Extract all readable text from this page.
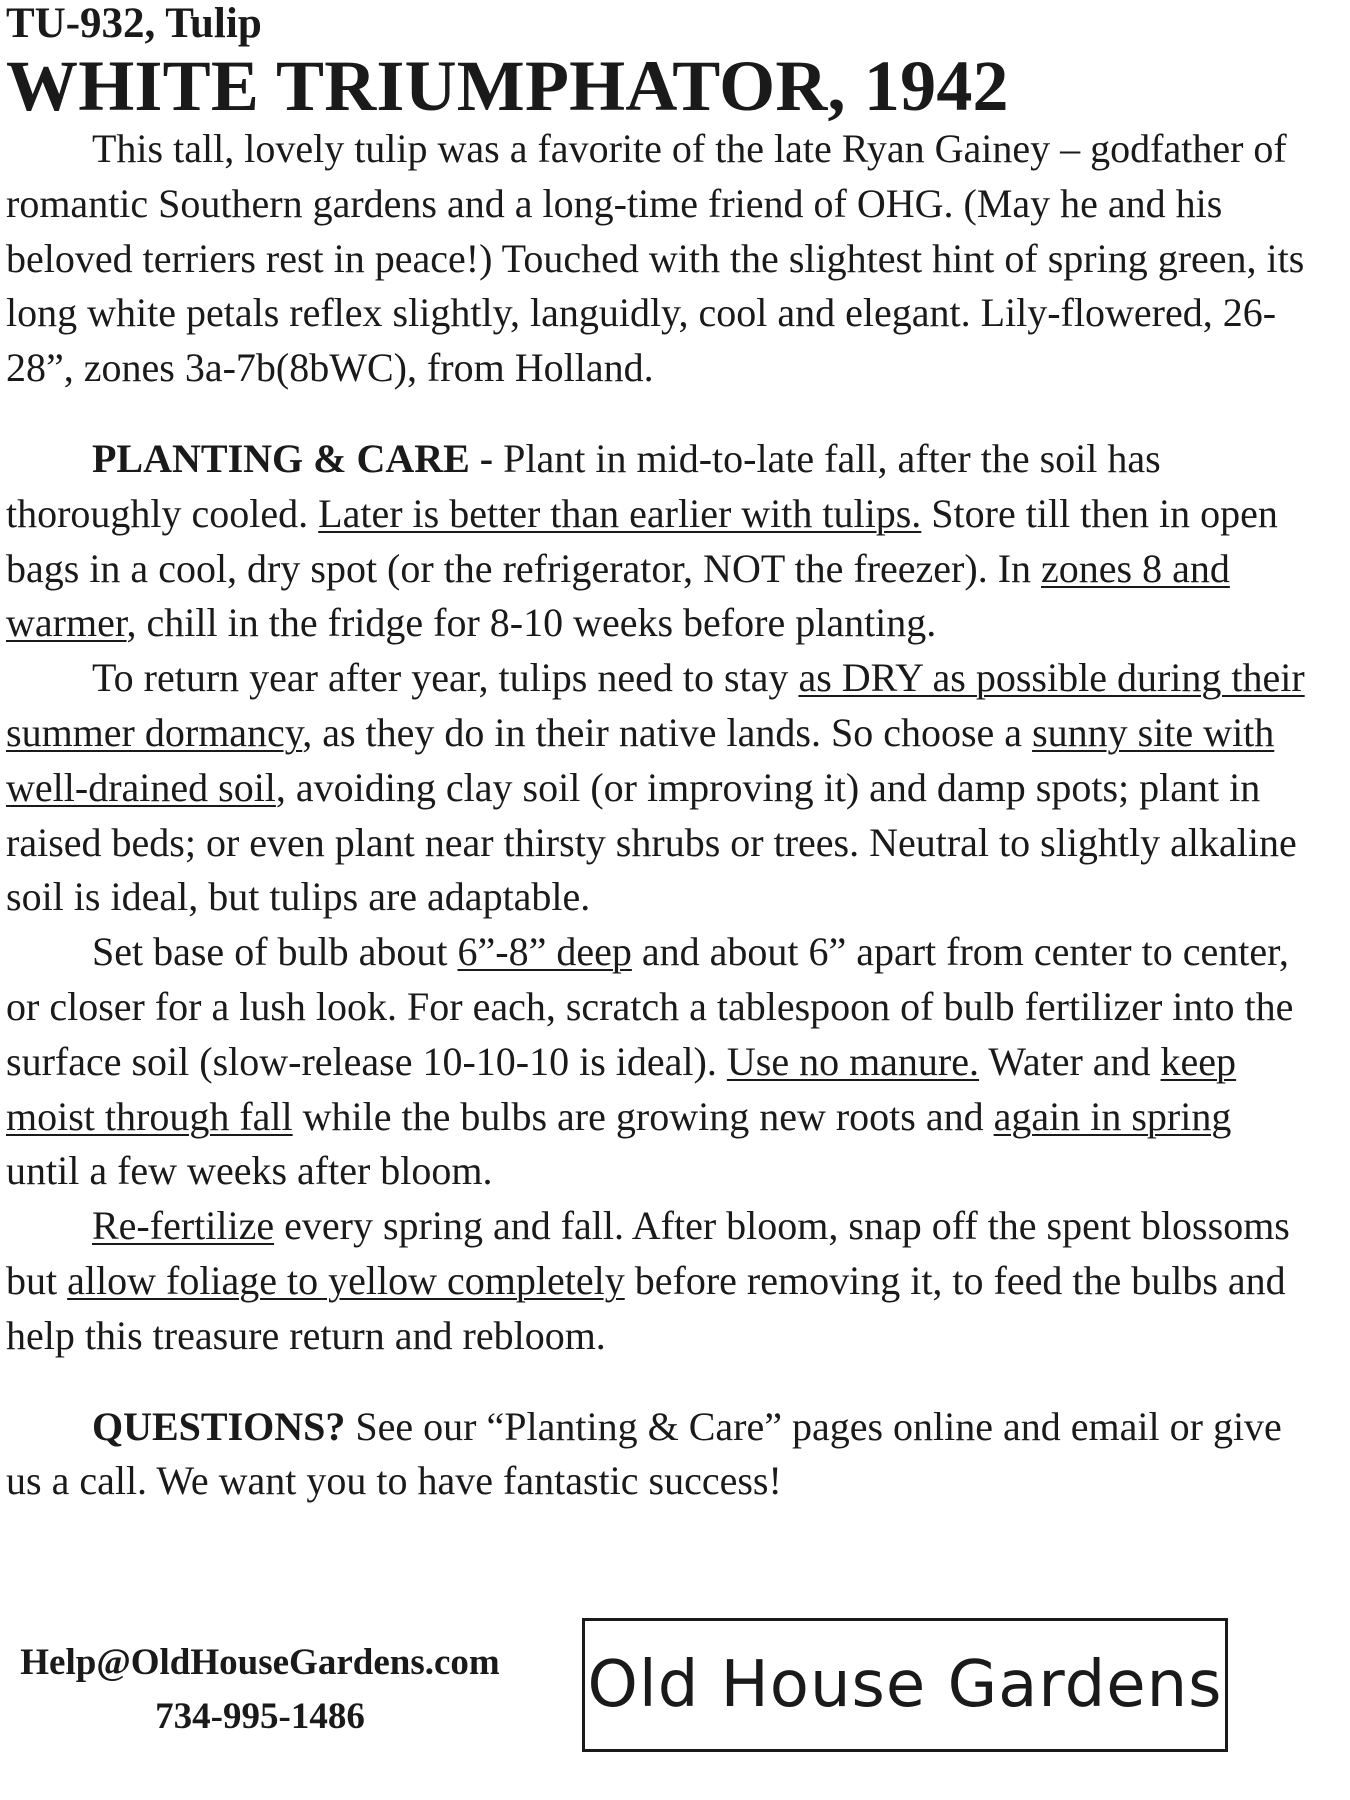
TU-932, Tulip

WHITE TRIUMPHATOR, 1942

This tall, lovely tulip was a favorite of the late Ryan Gainey – godfather of romantic Southern gardens and a long-time friend of OHG. (May he and his beloved terriers rest in peace!) Touched with the slightest hint of spring green, its long white petals reflex slightly, languidly, cool and elegant. Lily-flowered, 26-28”, zones 3a-7b(8bWC), from Holland.

PLANTING & CARE - Plant in mid-to-late fall, after the soil has thoroughly cooled. Later is better than earlier with tulips. Store till then in open bags in a cool, dry spot (or the refrigerator, NOT the freezer). In zones 8 and warmer, chill in the fridge for 8-10 weeks before planting.

To return year after year, tulips need to stay as DRY as possible during their summer dormancy, as they do in their native lands. So choose a sunny site with well-drained soil, avoiding clay soil (or improving it) and damp spots; plant in raised beds; or even plant near thirsty shrubs or trees. Neutral to slightly alkaline soil is ideal, but tulips are adaptable.

Set base of bulb about 6”-8” deep and about 6” apart from center to center, or closer for a lush look. For each, scratch a tablespoon of bulb fertilizer into the surface soil (slow-release 10-10-10 is ideal). Use no manure. Water and keep moist through fall while the bulbs are growing new roots and again in spring until a few weeks after bloom.

Re-fertilize every spring and fall. After bloom, snap off the spent blossoms but allow foliage to yellow completely before removing it, to feed the bulbs and help this treasure return and rebloom.

QUESTIONS? See our “Planting & Care” pages online and email or give us a call. We want you to have fantastic success!

Help@OldHouseGardens.com
734-995-1486	Old House Gardens
